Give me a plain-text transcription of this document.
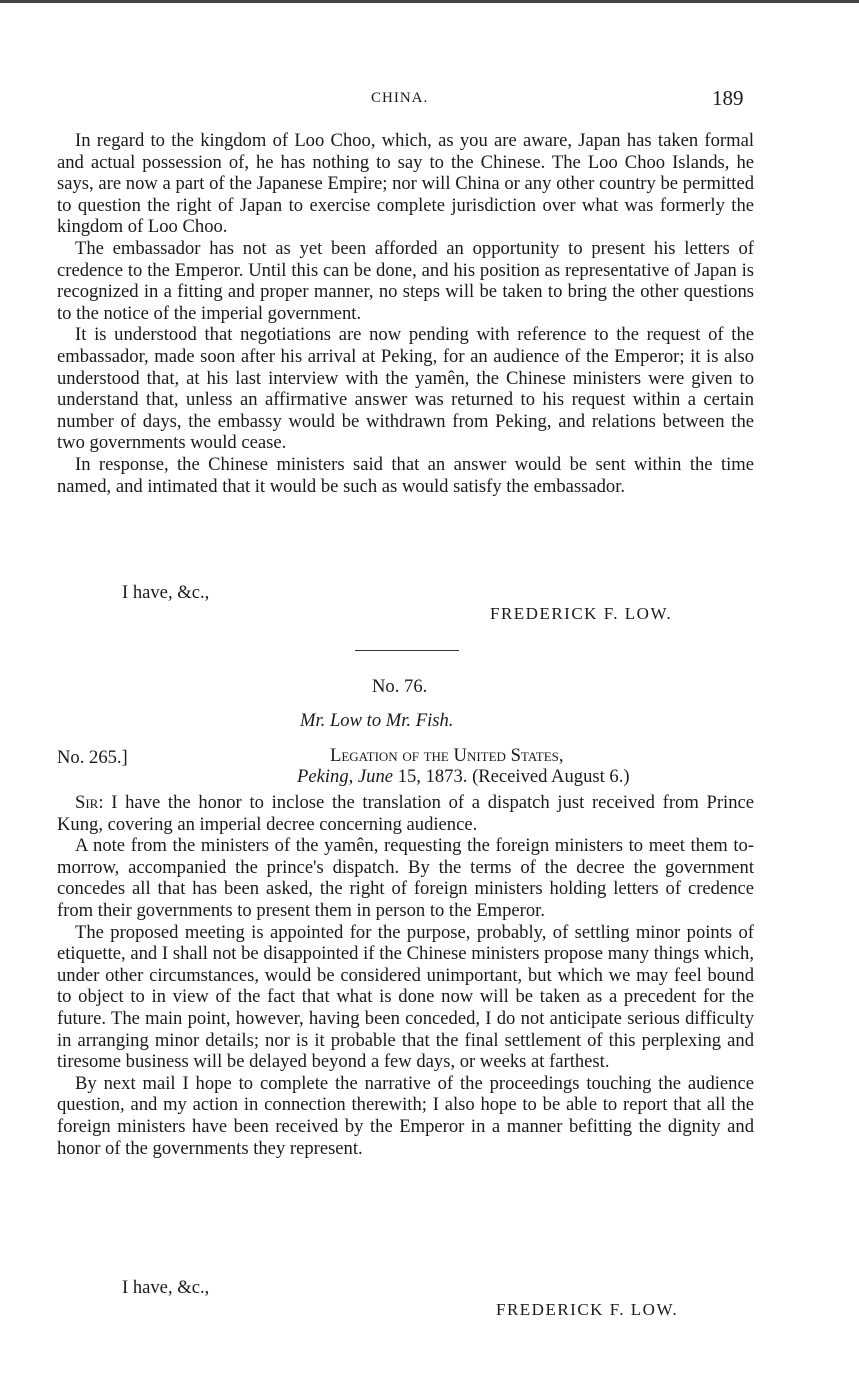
CHINA.	189

In regard to the kingdom of Loo Choo, which, as you are aware, Japan has taken formal and actual possession of, he has nothing to say to the Chinese. The Loo Choo Islands, he says, are now a part of the Japanese Empire; nor will China or any other country be permitted to question the right of Japan to exercise complete jurisdiction over what was formerly the kingdom of Loo Choo.

The embassador has not as yet been afforded an opportunity to present his letters of credence to the Emperor. Until this can be done, and his position as representative of Japan is recognized in a fitting and proper manner, no steps will be taken to bring the other questions to the notice of the imperial government.

It is understood that negotiations are now pending with reference to the request of the embassador, made soon after his arrival at Peking, for an audience of the Emperor; it is also understood that, at his last interview with the yamên, the Chinese ministers were given to understand that, unless an affirmative answer was returned to his request within a certain number of days, the embassy would be withdrawn from Peking, and relations between the two governments would cease.

In response, the Chinese ministers said that an answer would be sent within the time named, and intimated that it would be such as would satisfy the embassador.

I have, &c.,
FREDERICK F. LOW.
No. 76.
Mr. Low to Mr. Fish.
No. 265.]	Legation of the United States,
Peking, June 15, 1873. (Received August 6.)

Sir: I have the honor to inclose the translation of a dispatch just received from Prince Kung, covering an imperial decree concerning audience.

A note from the ministers of the yamên, requesting the foreign ministers to meet them to-morrow, accompanied the prince's dispatch. By the terms of the decree the government concedes all that has been asked, the right of foreign ministers holding letters of credence from their governments to present them in person to the Emperor.

The proposed meeting is appointed for the purpose, probably, of settling minor points of etiquette, and I shall not be disappointed if the Chinese ministers propose many things which, under other circumstances, would be considered unimportant, but which we may feel bound to object to in view of the fact that what is done now will be taken as a precedent for the future. The main point, however, having been conceded, I do not anticipate serious difficulty in arranging minor details; nor is it probable that the final settlement of this perplexing and tiresome business will be delayed beyond a few days, or weeks at farthest.

By next mail I hope to complete the narrative of the proceedings touching the audience question, and my action in connection therewith; I also hope to be able to report that all the foreign ministers have been received by the Emperor in a manner befitting the dignity and honor of the governments they represent.

I have, &c.,
FREDERICK F. LOW.
